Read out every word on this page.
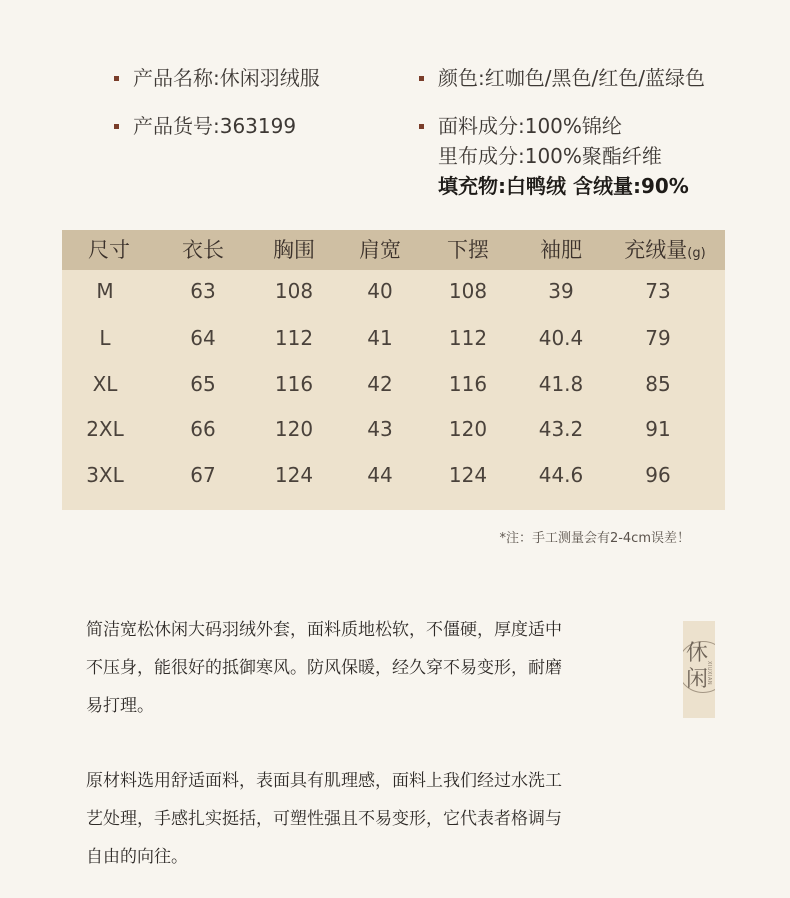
产品名称:休闲羽绒服
产品货号:363199
颜色:红咖色/黑色/红色/蓝绿色
面料成分:100%锦纶
里布成分:100%聚酯纤维
填充物:白鸭绒 含绒量:90%
尺寸 衣长 胸围 肩宽 下摆 袖肥 充绒量(g)
M	63	108	40	108	39	73
L	64	112	41	112	40.4	79
XL	65	116	42	116	41.8	85
2XL	66	120	43	120	43.2	91
3XL	67	124	44	124	44.6	96
*注：手工测量会有2-4cm误差！
简洁宽松休闲大码羽绒外套，面料质地松软，不僵硬，厚度适中
不压身，能很好的抵御寒风。防风保暖，经久穿不易变形，耐磨
易打理。
原材料选用舒适面料，表面具有肌理感，面料上我们经过水洗工
艺处理，手感扎实挺括，可塑性强且不易变形，它代表者格调与
自由的向往。
休
闲
XIUXIAN
